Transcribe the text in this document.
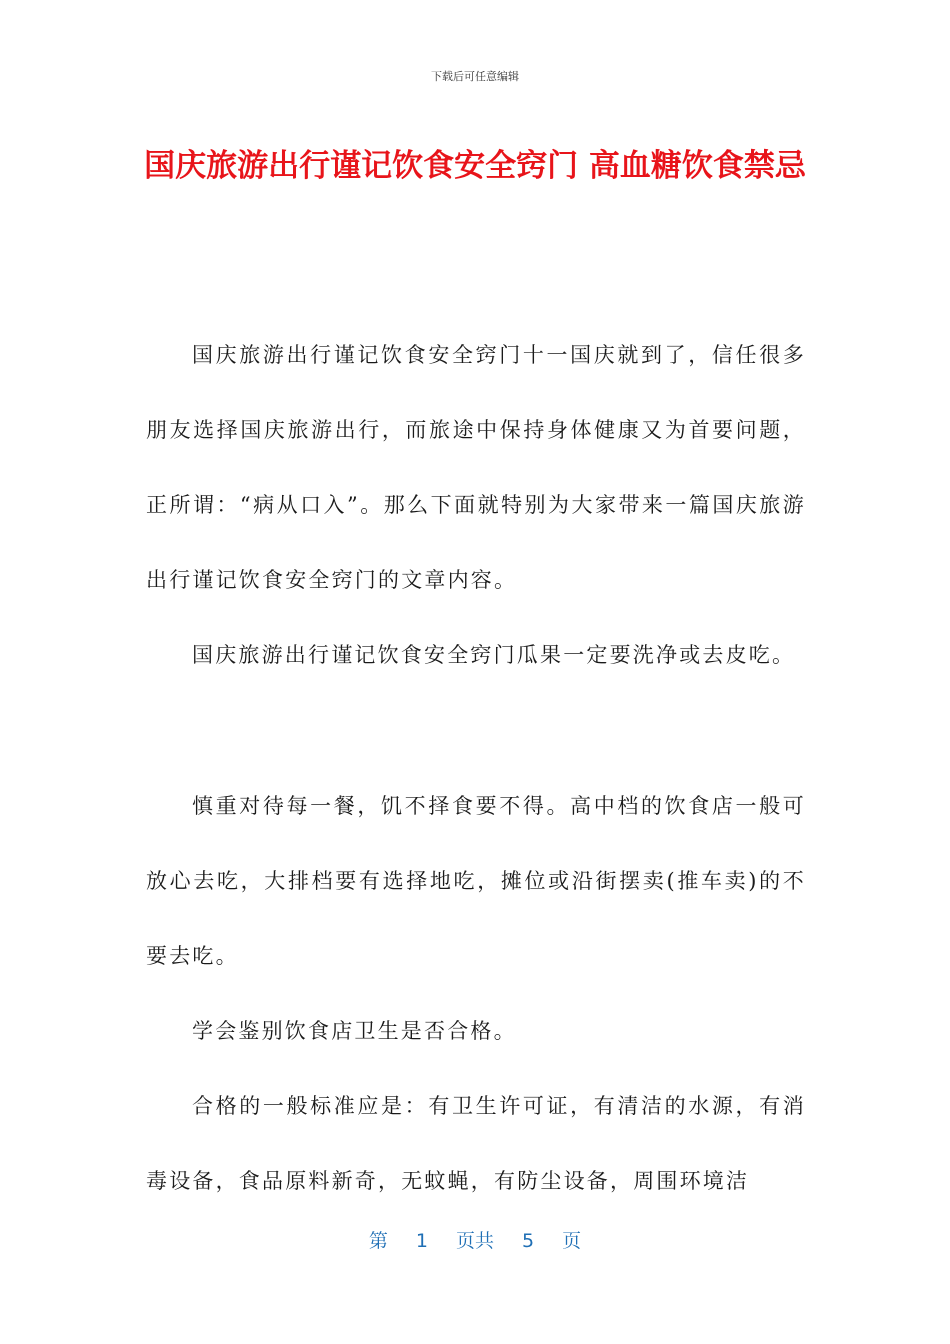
下载后可任意编辑
国庆旅游出行谨记饮食安全窍门 高血糖饮食禁忌

国庆旅游出行谨记饮食安全窍门十一国庆就到了，信任很多朋友选择国庆旅游出行，而旅途中保持身体健康又为首要问题，正所谓：“病从口入”。那么下面就特别为大家带来一篇国庆旅游出行谨记饮食安全窍门的文章内容。

国庆旅游出行谨记饮食安全窍门瓜果一定要洗净或去皮吃。

慎重对待每一餐，饥不择食要不得。高中档的饮食店一般可放心去吃，大排档要有选择地吃，摊位或沿街摆卖(推车卖)的不要去吃。

学会鉴别饮食店卫生是否合格。

合格的一般标准应是：有卫生许可证，有清洁的水源，有消毒设备，食品原料新奇，无蚊蝇，有防尘设备，周围环境洁

第 1 页共 5 页
